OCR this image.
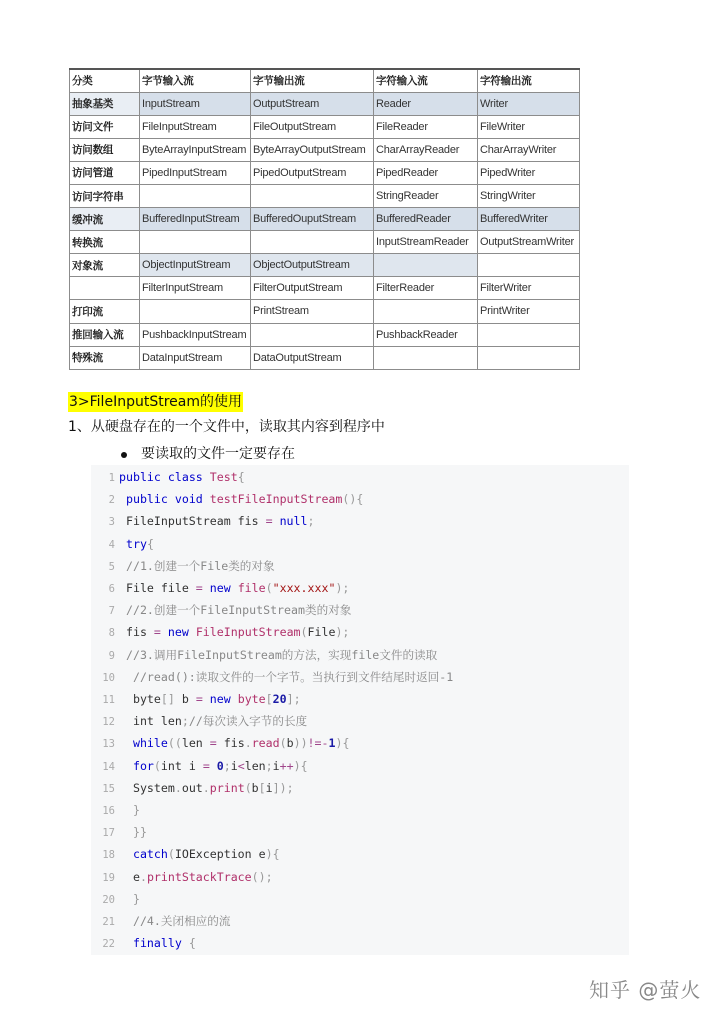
分类	字节输入流	字节输出流	字符输入流	字符输出流
抽象基类	InputStream	OutputStream	Reader	Writer
访问文件	FileInputStream	FileOutputStream	FileReader	FileWriter
访问数组	ByteArrayInputStream	ByteArrayOutputStream	CharArrayReader	CharArrayWriter
访问管道	PipedInputStream	PipedOutputStream	PipedReader	PipedWriter
访问字符串			StringReader	StringWriter
缓冲流	BufferedInputStream	BufferedOuputStream	BufferedReader	BufferedWriter
转换流			InputStreamReader	OutputStreamWriter
对象流	ObjectInputStream	ObjectOutputStream		
	FilterInputStream	FilterOutputStream	FilterReader	FilterWriter
打印流		PrintStream		PrintWriter
推回输入流	PushbackInputStream		PushbackReader	
特殊流	DataInputStream	DataOutputStream		
3>FileInputStream的使用
1、从硬盘存在的一个文件中，读取其内容到程序中
要读取的文件一定要存在
1 public class Test{
2 public void testFileInputStream(){
3 FileInputStream fis = null;
4 try{
5 //1.创建一个File类的对象
6 File file = new file("xxx.xxx");
7 //2.创建一个FileInputStream类的对象
8 fis = new FileInputStream(File);
9 //3.调用FileInputStream的方法，实现file文件的读取
10 //read():读取文件的一个字节。当执行到文件结尾时返回-1
11 byte[] b = new byte[20];
12 int len;//每次读入字节的长度
13 while((len = fis.read(b))!=-1){
14 for(int i = 0;i<len;i++){
15 System.out.print(b[i]);
16 }
17 }}
18 catch(IOException e){
19 e.printStackTrace();
20 }
21 //4.关闭相应的流
22 finally {
知乎 @萤火
